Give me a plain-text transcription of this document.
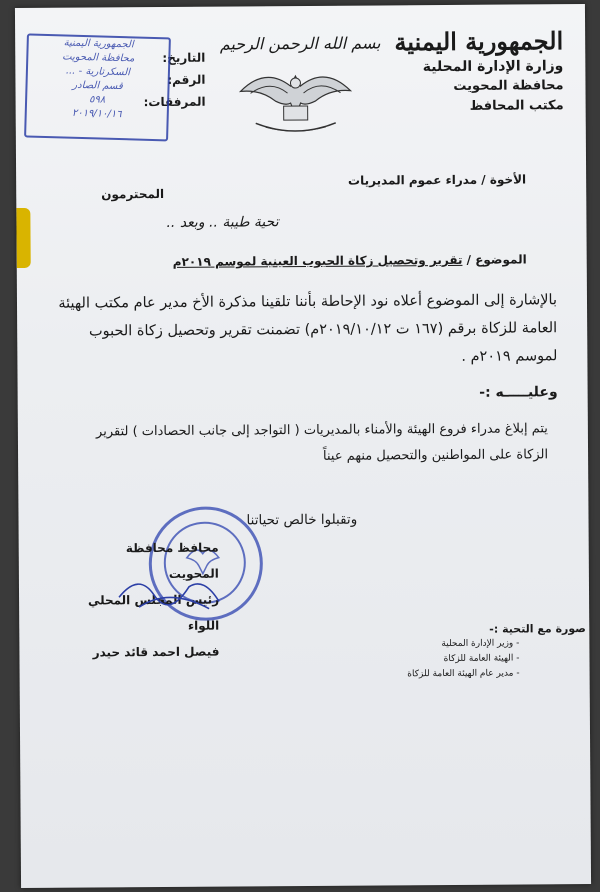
الجمهورية اليمنية
وزارة الإدارة المحلية
محافظة المحويت
مكتب المحافظ
بسم الله الرحمن الرحيم
التاريخ:
الرقم:
المرفقات:
الجمهورية اليمنية
محافظة المحويت
السكرتارية - ...
قسم الصادر
٥٩٨
٢٠١٩/١٠/١٦
الأخوة / مدراء عموم المديريات
المحترمون
تحية طيبة .. وبعد ..
الموضوع / تقرير وتحصيل زكاة الحبوب العينية لموسم ٢٠١٩م
بالإشارة إلى الموضوع أعلاه نود الإحاطة بأننا تلقينا مذكرة الأخ مدير عام مكتب الهيئة العامة للزكاة برقم (١٦٧ ت ٢٠١٩/١٠/١٢م) تضمنت تقرير وتحصيل زكاة الحبوب لموسم ٢٠١٩م .
وعليـــــه :-
يتم إبلاغ مدراء فروع الهيئة والأمناء بالمديريات ( التواجد إلى جانب الحصادات ) لتقرير الزكاة على المواطنين والتحصيل منهم عيناً
وتقبلوا خالص تحياتنا
محافظ محافظة المحويت
رئيس المجلس المحلي
اللواء
فيصل احمد قائد حيدر
صورة مع التحية :-
- وزير الإدارة المحلية
- الهيئة العامة للزكاة
- مدير عام الهيئة العامة للزكاة
